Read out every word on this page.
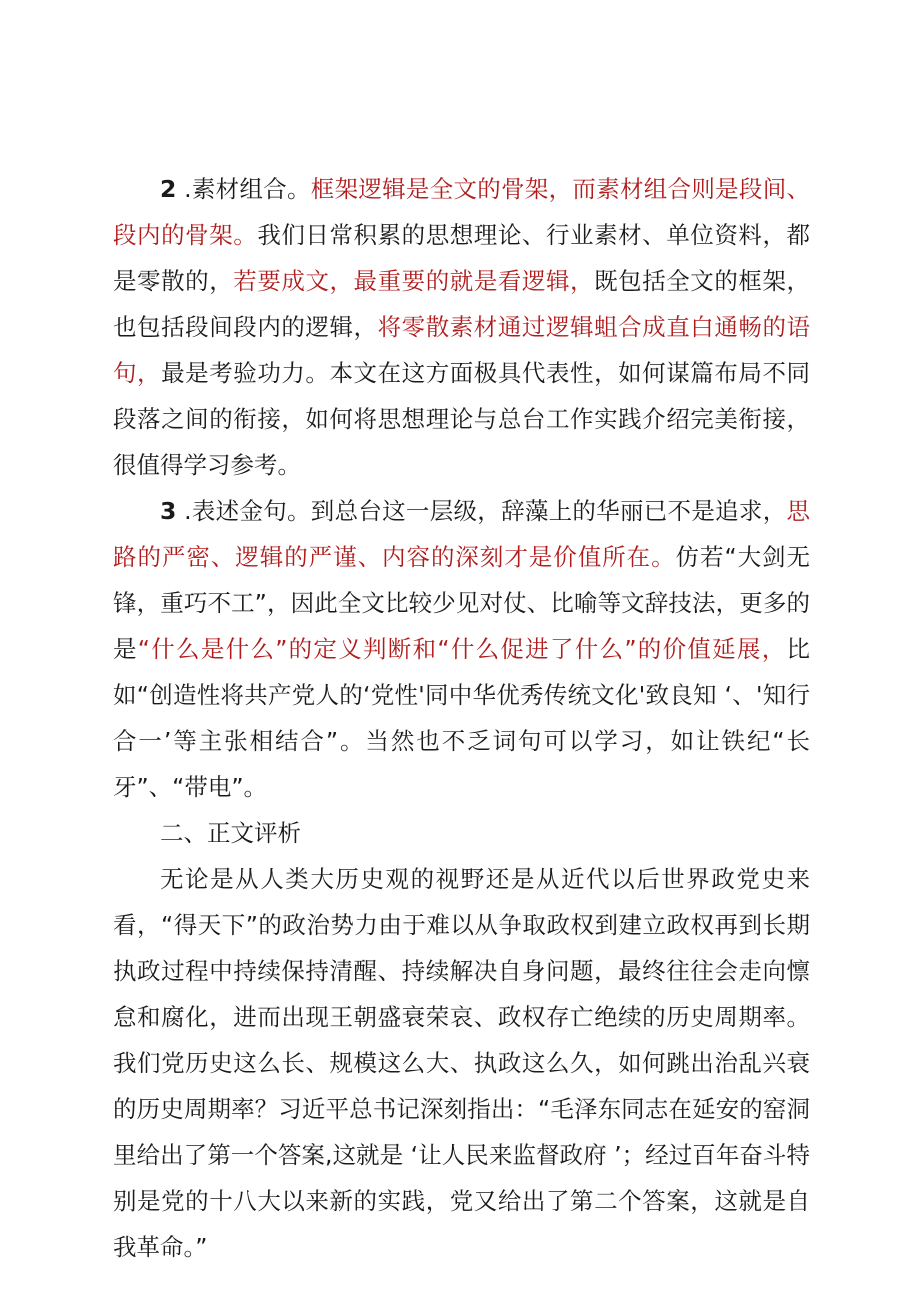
2 .素材组合。框架逻辑是全文的骨架，而素材组合则是段间、段内的骨架。我们日常积累的思想理论、行业素材、单位资料，都是零散的，若要成文，最重要的就是看逻辑，既包括全文的框架，也包括段间段内的逻辑，将零散素材通过逻辑蛆合成直白通畅的语句，最是考验功力。本文在这方面极具代表性，如何谋篇布局不同段落之间的衔接，如何将思想理论与总台工作实践介绍完美衔接，很值得学习参考。

3 .表述金句。到总台这一层级，辞藻上的华丽已不是追求，思路的严密、逻辑的严谨、内容的深刻才是价值所在。仿若“大剑无锋，重巧不工”，因此全文比较少见对仗、比喻等文辞技法，更多的是“什么是什么”的定义判断和“什么促进了什么”的价值延展，比如“创造性将共产党人的‘党性'同中华优秀传统文化'致良知 ‘、'知行合一’等主张相结合”。当然也不乏词句可以学习，如让铁纪“长牙”、“带电”。

二、正文评析

无论是从人类大历史观的视野还是从近代以后世界政党史来看，“得天下”的政治势力由于难以从争取政权到建立政权再到长期执政过程中持续保持清醒、持续解决自身问题，最终往往会走向懔怠和腐化，进而出现王朝盛衰荣哀、政权存亡绝续的历史周期率。我们党历史这么长、规模这么大、执政这么久，如何跳出治乱兴衰的历史周期率？习近平总书记深刻指出：“毛泽东同志在延安的窑洞里给出了第一个答案,这就是 ‘让人民来监督政府 ’；经过百年奋斗特别是党的十八大以来新的实践，党又给出了第二个答案，这就是自我革命。”
